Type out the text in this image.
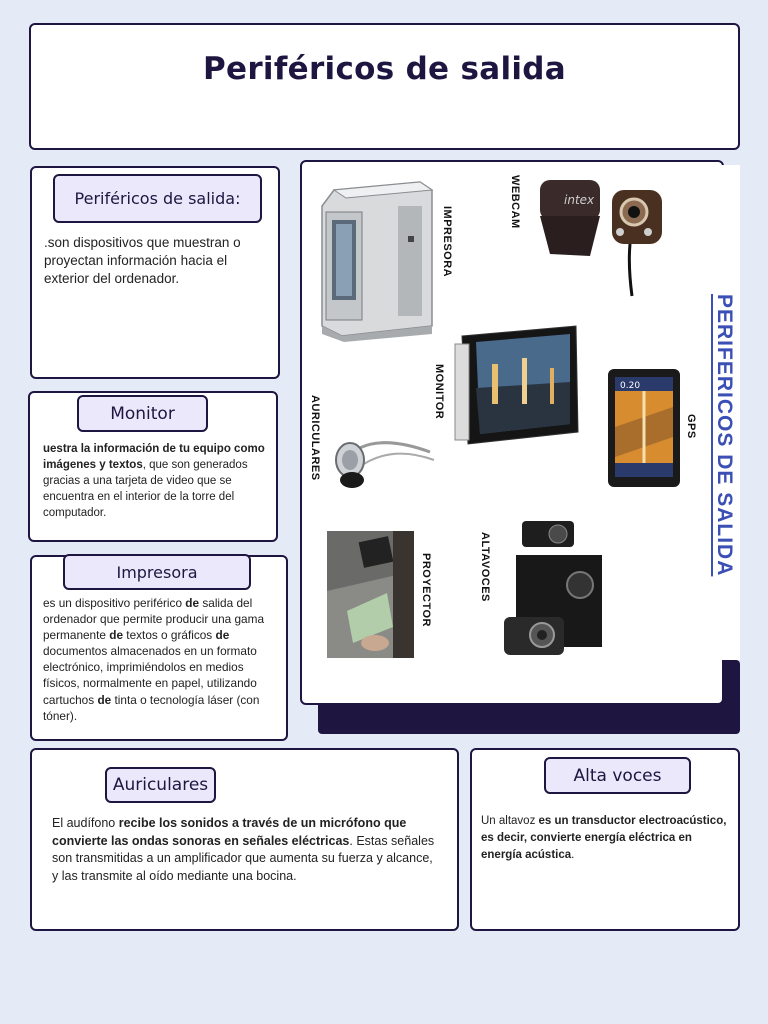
Periféricos de salida
Periféricos de salida:

.son dispositivos que muestran o proyectan información hacia el exterior del ordenador.

Monitor

uestra la información de tu equipo como imágenes y textos, que son generados gracias a una tarjeta de video que se encuentra en el interior de la torre del computador.

Impresora

es un dispositivo periférico de salida del ordenador que permite producir una gama permanente de textos o gráficos de documentos almacenados en un formato electrónico, imprimiéndolos en medios físicos, normalmente en papel, utilizando cartuchos de tinta o tecnología láser (con tóner).

Auriculares

El audífono recibe los sonidos a través de un micrófono que convierte las ondas sonoras en señales eléctricas. Estas señales son transmitidas a un amplificador que aumenta su fuerza y alcance, y las transmite al oído mediante una bocina.

Alta voces

Un altavoz es un transductor electroacústico, es decir, convierte energía eléctrica en energía acústica.

IMPRESORA
intex
WEBCAM
MONITOR	0.20
GPS
AURICULARES
ALTAVOCES
PROYECTOR
PERIFERICOS DE SALIDA
